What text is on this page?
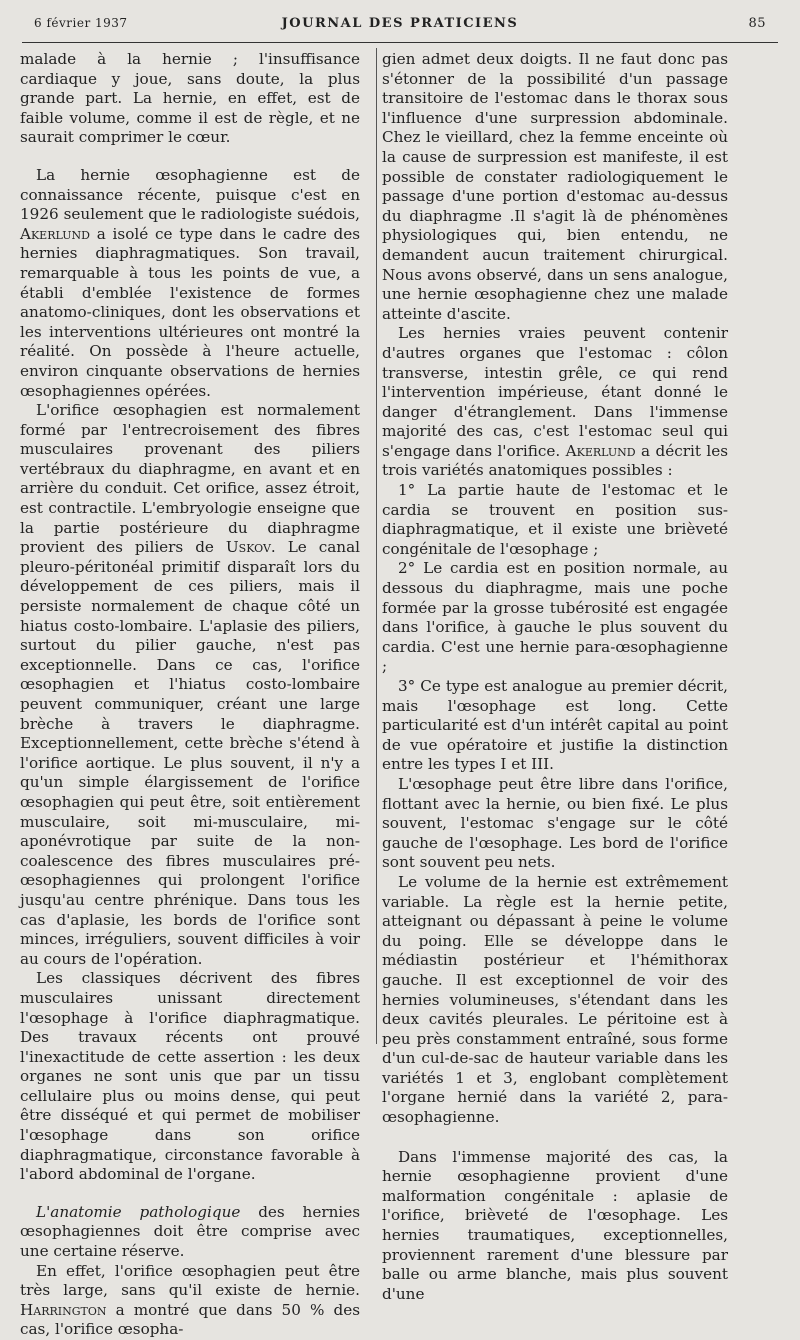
6 février 1937	JOURNAL DES PRATICIENS	85

malade à la hernie ; l'insuffisance cardiaque y joue, sans doute, la plus grande part. La hernie, en effet, est de faible volume, comme il est de règle, et ne saurait comprimer le cœur.

La hernie œsophagienne est de connaissance récente, puisque c'est en 1926 seulement que le radiologiste suédois, Akerlund a isolé ce type dans le cadre des hernies diaphragmatiques. Son travail, remarquable à tous les points de vue, a établi d'emblée l'existence de formes anatomo-cliniques, dont les observations et les interventions ultérieures ont montré la réalité. On possède à l'heure actuelle, environ cinquante observations de hernies œsophagiennes opérées.

L'orifice œsophagien est normalement formé par l'entrecroisement des fibres musculaires provenant des piliers vertébraux du diaphragme, en avant et en arrière du conduit. Cet orifice, assez étroit, est contractile. L'embryologie enseigne que la partie postérieure du diaphragme provient des piliers de Uskov. Le canal pleuro-péritonéal primitif disparaît lors du développement de ces piliers, mais il persiste normalement de chaque côté un hiatus costo-lombaire. L'aplasie des piliers, surtout du pilier gauche, n'est pas exceptionnelle. Dans ce cas, l'orifice œsophagien et l'hiatus costo-lombaire peuvent communiquer, créant une large brèche à travers le diaphragme. Exceptionnellement, cette brèche s'étend à l'orifice aortique. Le plus souvent, il n'y a qu'un simple élargissement de l'orifice œsophagien qui peut être, soit entièrement musculaire, soit mi-musculaire, mi-aponévrotique par suite de la non-coalescence des fibres musculaires pré-œsophagiennes qui prolongent l'orifice jusqu'au centre phrénique. Dans tous les cas d'aplasie, les bords de l'orifice sont minces, irréguliers, souvent difficiles à voir au cours de l'opération.

Les classiques décrivent des fibres musculaires unissant directement l'œsophage à l'orifice diaphragmatique. Des travaux récents ont prouvé l'inexactitude de cette assertion : les deux organes ne sont unis que par un tissu cellulaire plus ou moins dense, qui peut être disséqué et qui permet de mobiliser l'œsophage dans son orifice diaphragmatique, circonstance favorable à l'abord abdominal de l'organe.

L'anatomie pathologique des hernies œsophagiennes doit être comprise avec une certaine réserve.

En effet, l'orifice œsophagien peut être très large, sans qu'il existe de hernie. Harrington a montré que dans 50 % des cas, l'orifice œsopha-

gien admet deux doigts. Il ne faut donc pas s'étonner de la possibilité d'un passage transitoire de l'estomac dans le thorax sous l'influence d'une surpression abdominale. Chez le vieillard, chez la femme enceinte où la cause de surpression est manifeste, il est possible de constater radiologiquement le passage d'une portion d'estomac au-dessus du diaphragme .Il s'agit là de phénomènes physiologiques qui, bien entendu, ne demandent aucun traitement chirurgical. Nous avons observé, dans un sens analogue, une hernie œsophagienne chez une malade atteinte d'ascite.

Les hernies vraies peuvent contenir d'autres organes que l'estomac : côlon transverse, intestin grêle, ce qui rend l'intervention impérieuse, étant donné le danger d'étranglement. Dans l'immense majorité des cas, c'est l'estomac seul qui s'engage dans l'orifice. Akerlund a décrit les trois variétés anatomiques possibles :

1° La partie haute de l'estomac et le cardia se trouvent en position sus-diaphragmatique, et il existe une brièveté congénitale de l'œsophage ;

2° Le cardia est en position normale, au dessous du diaphragme, mais une poche formée par la grosse tubérosité est engagée dans l'orifice, à gauche le plus souvent du cardia. C'est une hernie para-œsophagienne ;

3° Ce type est analogue au premier décrit, mais l'œsophage est long. Cette particularité est d'un intérêt capital au point de vue opératoire et justifie la distinction entre les types I et III.

L'œsophage peut être libre dans l'orifice, flottant avec la hernie, ou bien fixé. Le plus souvent, l'estomac s'engage sur le côté gauche de l'œsophage. Les bord de l'orifice sont souvent peu nets.

Le volume de la hernie est extrêmement variable. La règle est la hernie petite, atteignant ou dépassant à peine le volume du poing. Elle se développe dans le médiastin postérieur et l'hémithorax gauche. Il est exceptionnel de voir des hernies volumineuses, s'étendant dans les deux cavités pleurales. Le péritoine est à peu près constamment entraîné, sous forme d'un cul-de-sac de hauteur variable dans les variétés 1 et 3, englobant complètement l'organe hernié dans la variété 2, para-œsophagienne.

Dans l'immense majorité des cas, la hernie œsophagienne provient d'une malformation congénitale : aplasie de l'orifice, brièveté de l'œsophage. Les hernies traumatiques, exceptionnelles, proviennent rarement d'une blessure par balle ou arme blanche, mais plus souvent d'une
